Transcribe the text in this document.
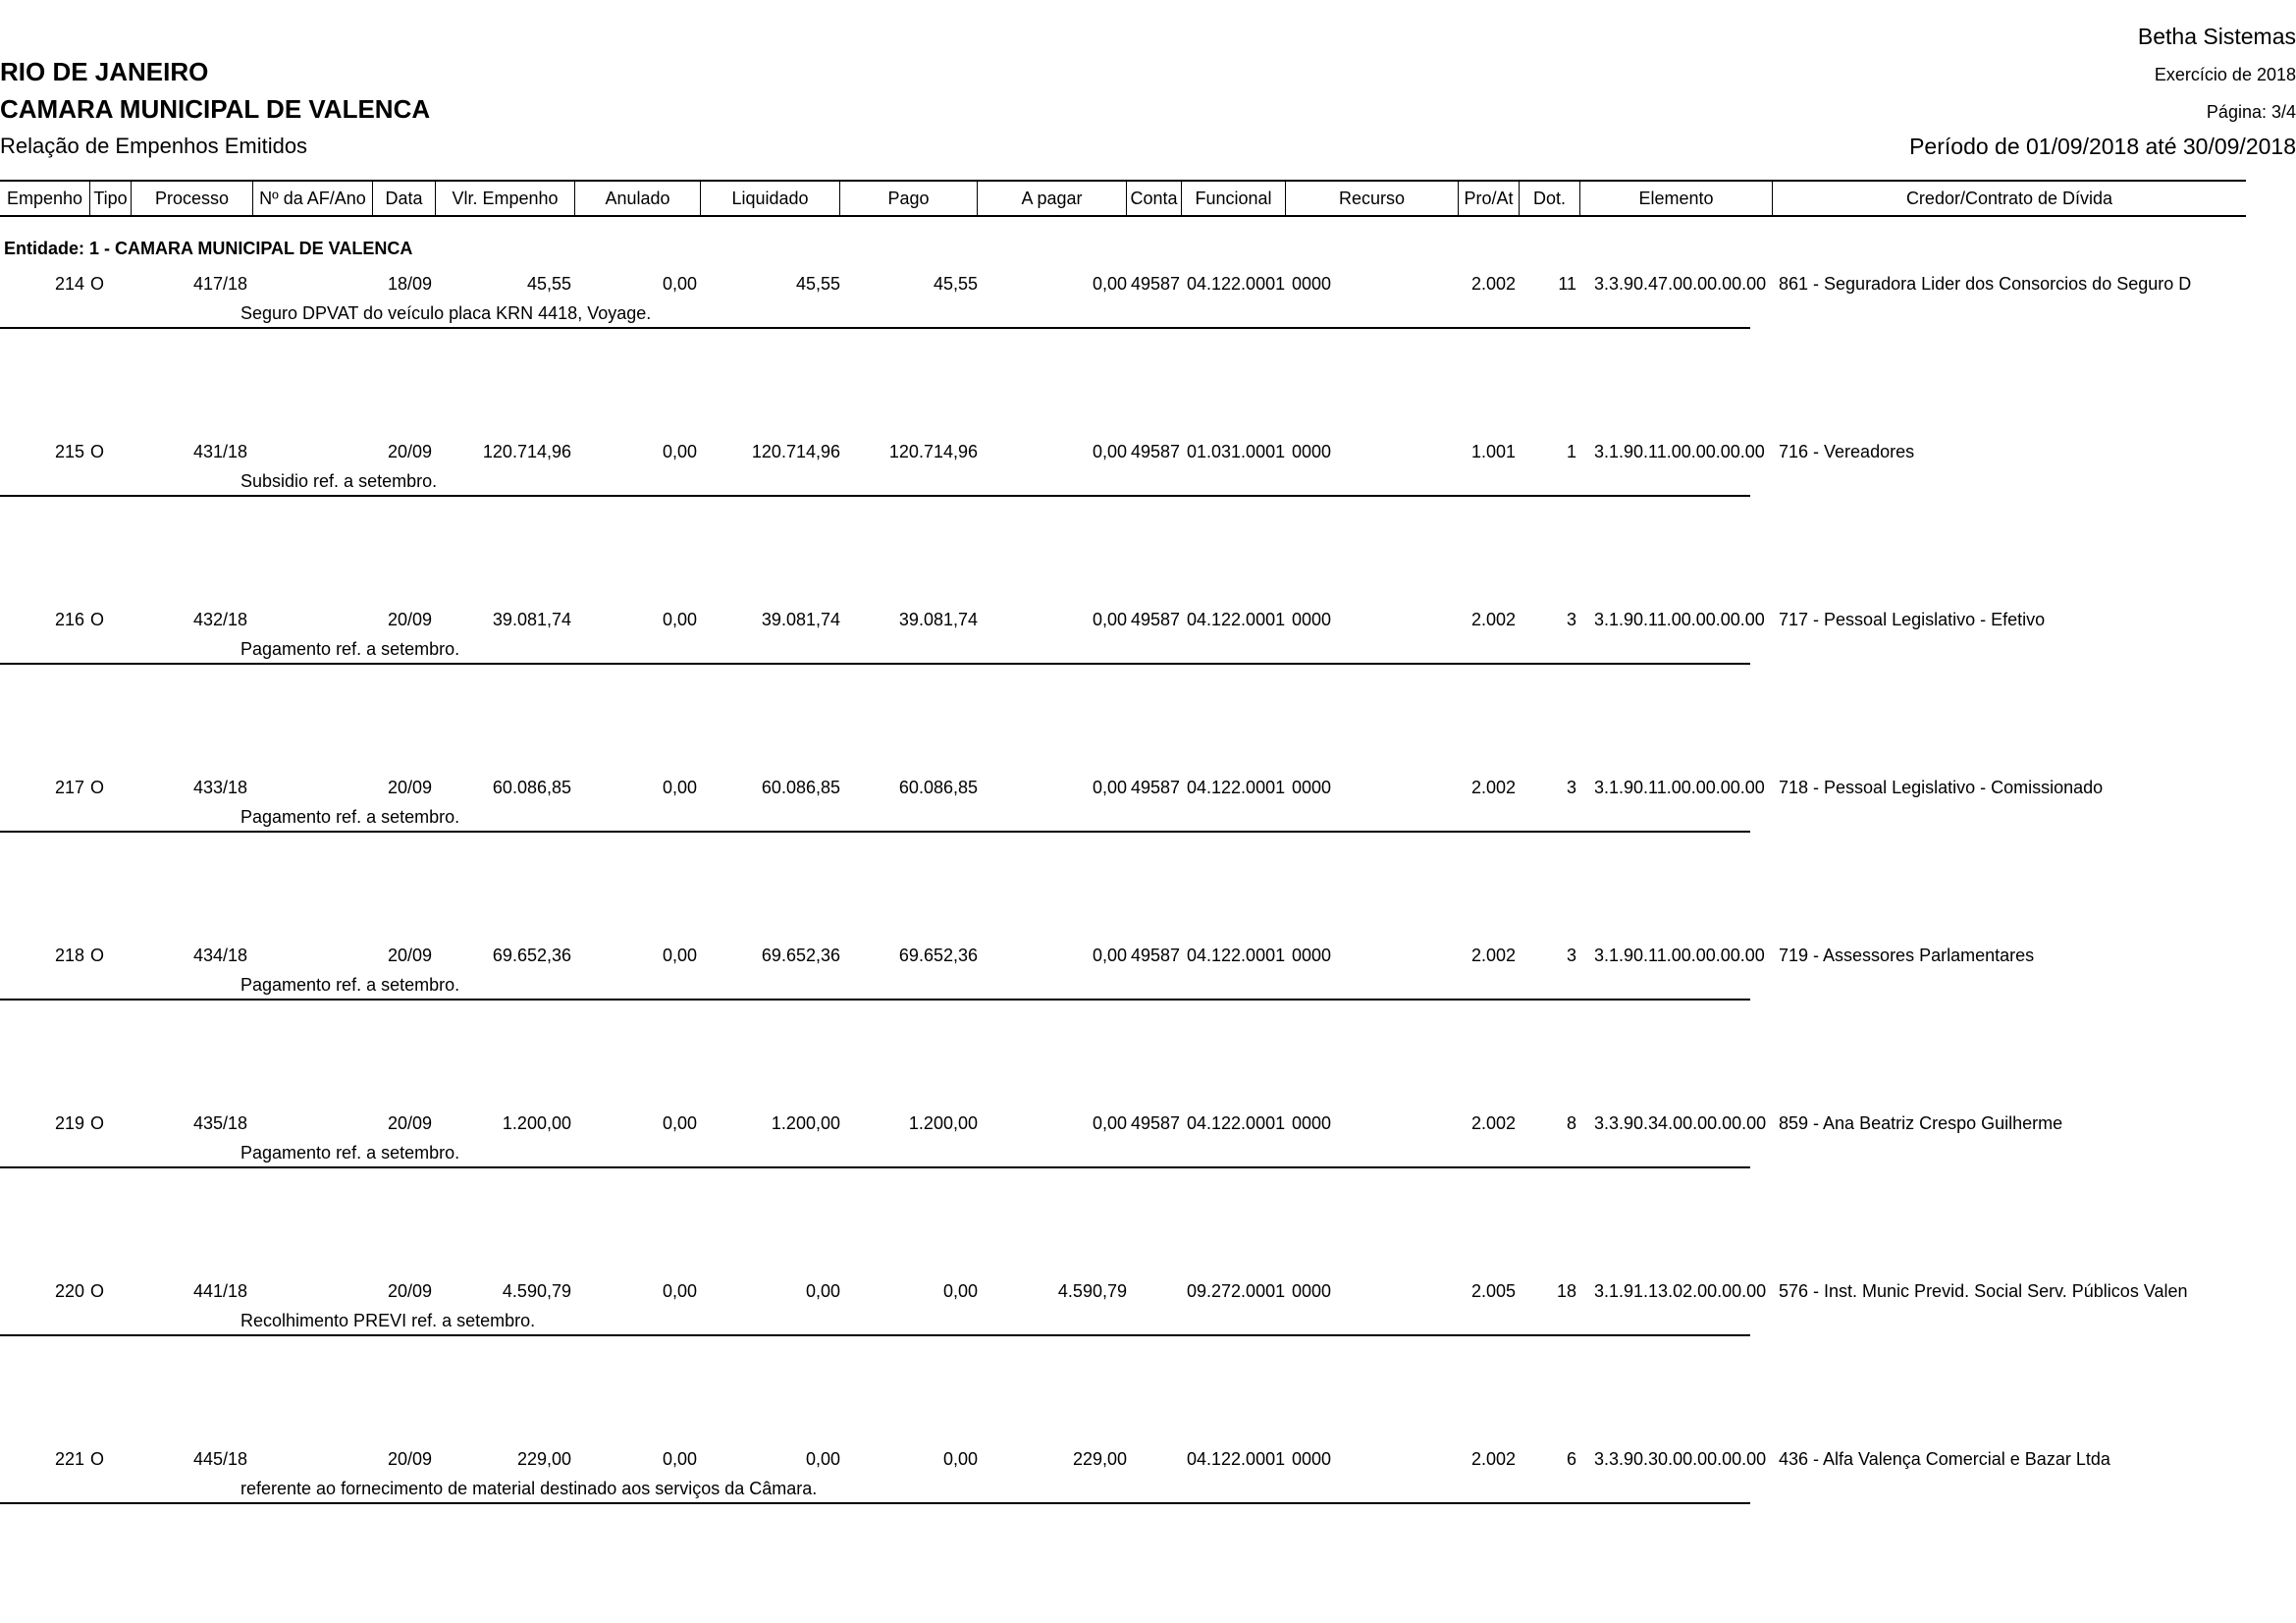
Betha Sistemas
RIO DE JANEIRO	Exercício de 2018
CAMARA MUNICIPAL DE VALENCA	Página: 3/4
Relação de Empenhos Emitidos	Período de 01/09/2018 até 30/09/2018
Empenho Tipo	Processo	Nº da AF/Ano	Data	Vlr. Empenho	Anulado	Liquidado	Pago	A pagar	Conta Funcional	Recurso	Pro/At	Dot.	Elemento	Credor/Contrato de Dívida
Entidade: 1 - CAMARA MUNICIPAL DE VALENCA
214 O	417/18	18/09	45,55	0,00	45,55	45,55	0,00 49587 04.122.0001 0000	2.002	11 3.3.90.47.00.00.00.00 861 - Seguradora Lider dos Consorcios do Seguro D
Seguro DPVAT do veículo placa KRN 4418, Voyage.
215 O	431/18	20/09	120.714,96	0,00	120.714,96	120.714,96	0,00 49587 01.031.0001 0000	1.001	1 3.1.90.11.00.00.00.00 716 - Vereadores
Subsidio ref. a setembro.
216 O	432/18	20/09	39.081,74	0,00	39.081,74	39.081,74	0,00 49587 04.122.0001 0000	2.002	3 3.1.90.11.00.00.00.00 717 - Pessoal Legislativo - Efetivo
Pagamento ref. a setembro.
217 O	433/18	20/09	60.086,85	0,00	60.086,85	60.086,85	0,00 49587 04.122.0001 0000	2.002	3 3.1.90.11.00.00.00.00 718 - Pessoal Legislativo - Comissionado
Pagamento ref. a setembro.
218 O	434/18	20/09	69.652,36	0,00	69.652,36	69.652,36	0,00 49587 04.122.0001 0000	2.002	3 3.1.90.11.00.00.00.00 719 - Assessores Parlamentares
Pagamento ref. a setembro.
219 O	435/18	20/09	1.200,00	0,00	1.200,00	1.200,00	0,00 49587 04.122.0001 0000	2.002	8 3.3.90.34.00.00.00.00 859 - Ana Beatriz Crespo Guilherme
Pagamento ref. a setembro.
220 O	441/18	20/09	4.590,79	0,00	0,00	0,00	4.590,79	09.272.0001 0000	2.005	18 3.1.91.13.02.00.00.00 576 - Inst. Munic Previd. Social Serv. Públicos Valen
Recolhimento PREVI ref. a setembro.
221 O	445/18	20/09	229,00	0,00	0,00	0,00	229,00	04.122.0001 0000	2.002	6 3.3.90.30.00.00.00.00 436 - Alfa Valença Comercial e Bazar Ltda
referente ao fornecimento de material destinado aos serviços da Câmara.
